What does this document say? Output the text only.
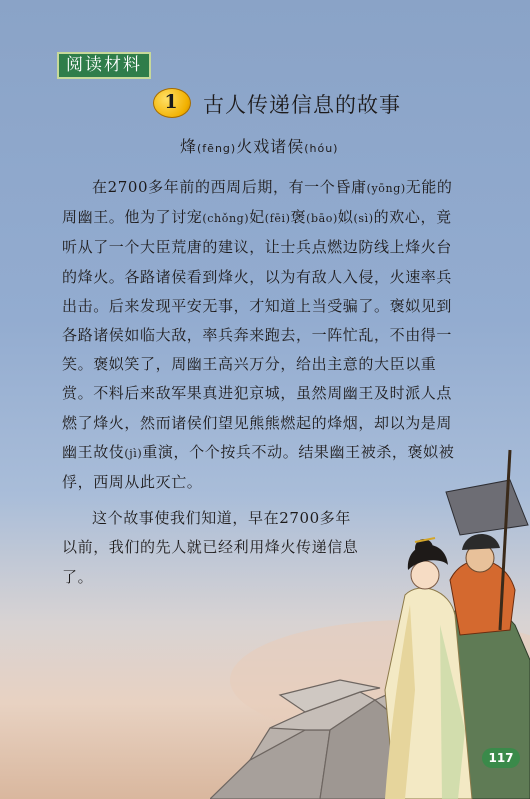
阅读材料
1	古人传递信息的故事
烽(fēng)火戏诸侯(hóu)

在2700多年前的西周后期，有一个昏庸(yōng)无能的周幽王。他为了讨宠(chǒng)妃(fēi)褒(bāo)姒(sì)的欢心，竟听从了一个大臣荒唐的建议，让士兵点燃边防线上烽火台的烽火。各路诸侯看到烽火，以为有敌人入侵，火速率兵出击。后来发现平安无事，才知道上当受骗了。褒姒见到各路诸侯如临大敌，率兵奔来跑去，一阵忙乱，不由得一笑。褒姒笑了，周幽王高兴万分，给出主意的大臣以重赏。不料后来敌军果真进犯京城，虽然周幽王及时派人点燃了烽火，然而诸侯们望见熊熊燃起的烽烟，却以为是周幽王故伎(jì)重演，个个按兵不动。结果幽王被杀，褒姒被俘，西周从此灭亡。

这个故事使我们知道，早在2700多年以前，我们的先人就已经利用烽火传递信息了。

117
